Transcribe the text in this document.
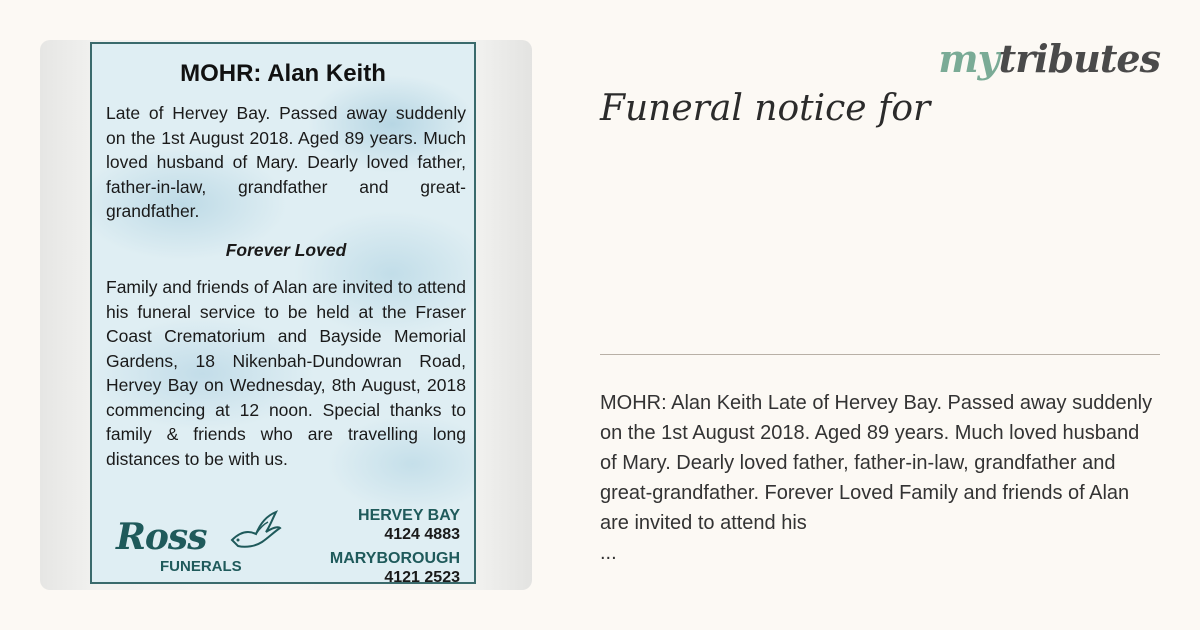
MOHR: Alan Keith

Late of Hervey Bay. Passed away suddenly on the 1st August 2018. Aged 89 years. Much loved husband of Mary. Dearly loved father, father-in-law, grandfather and great-grandfather.

Forever Loved

Family and friends of Alan are invited to attend his funeral service to be held at the Fraser Coast Crematorium and Bayside Memorial Gardens, 18 Nikenbah-Dundowran Road, Hervey Bay on Wednesday, 8th August, 2018 commencing at 12 noon. Special thanks to family & friends who are travelling long distances to be with us.

Ross
FUNERALS
HERVEY BAY
4124 4883
MARYBOROUGH
4121 2523
mytributes
Funeral notice for
MOHR: Alan Keith Late of Hervey Bay. Passed away suddenly on the 1st August 2018. Aged 89 years. Much loved husband of Mary. Dearly loved father, father-in-law, grandfather and great-grandfather. Forever Loved Family and friends of Alan are invited to attend his
...
